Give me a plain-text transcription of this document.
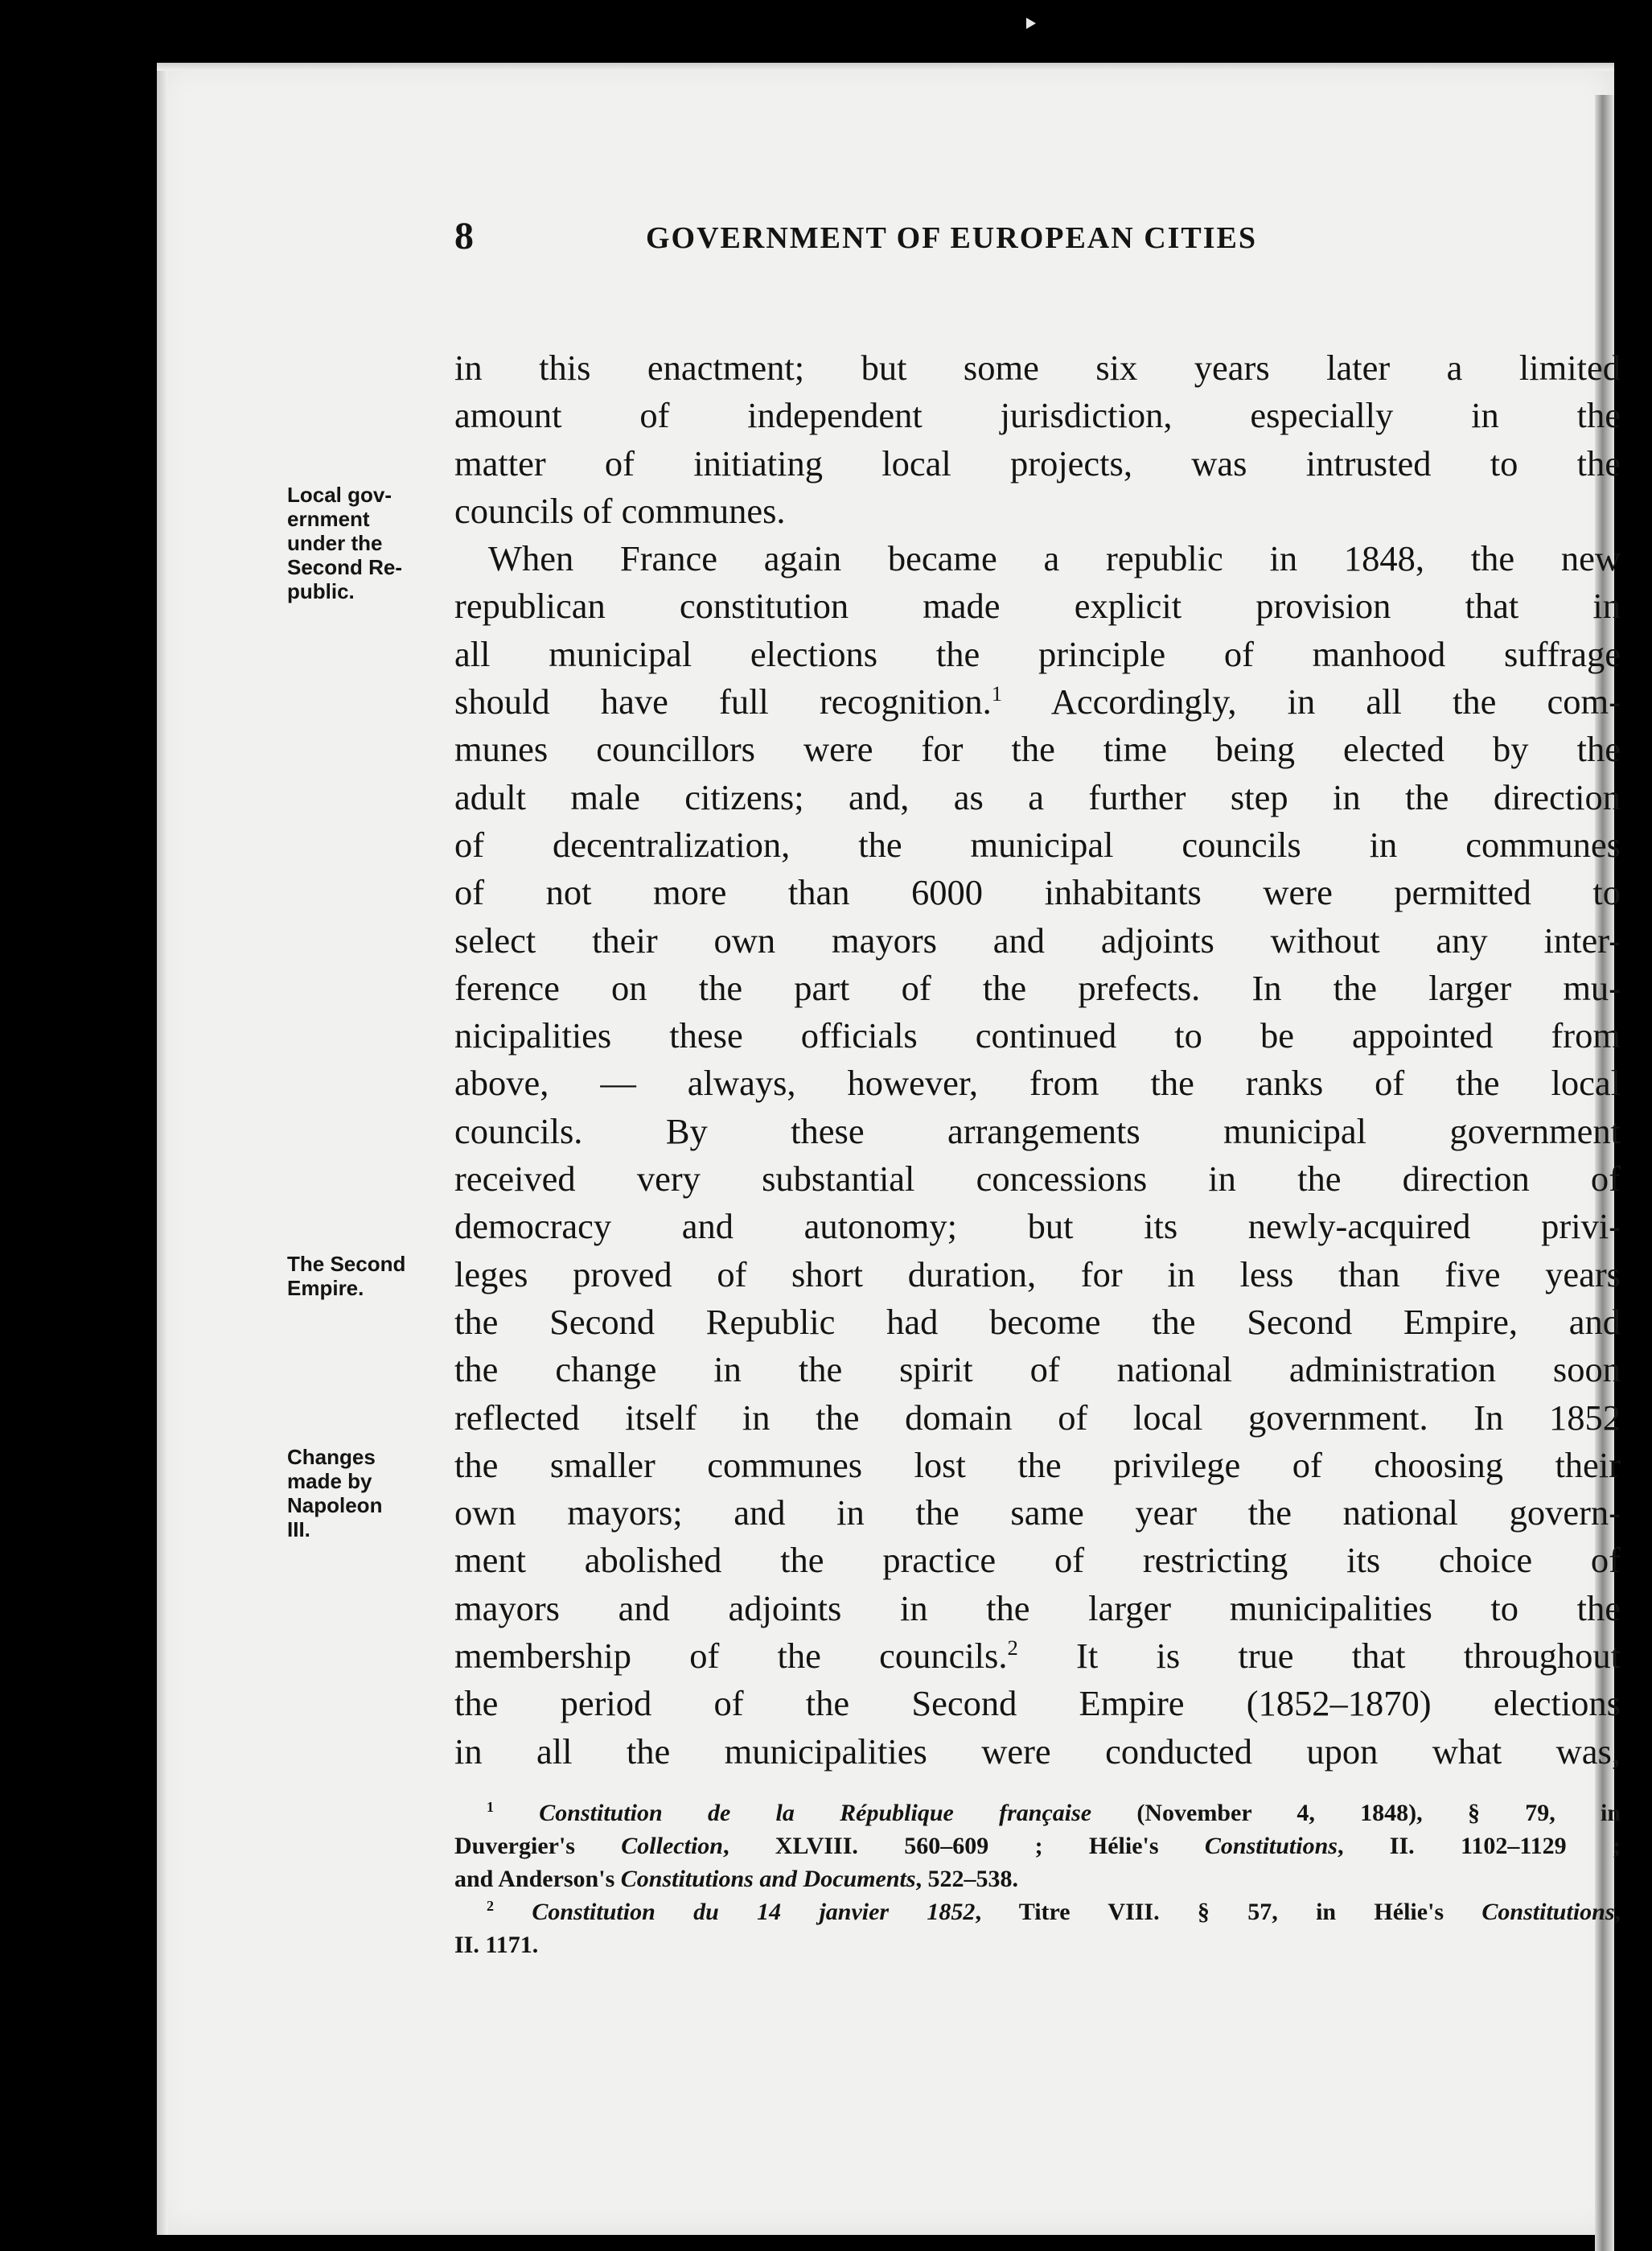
8	GOVERNMENT OF EUROPEAN CITIES
Local gov-
ernment
under the
Second Re-
public.
The Second
Empire.
Changes
made by
Napoleon
III.
in this enactment; but some six years later a limited
amount of independent jurisdiction, especially in the
matter of initiating local projects, was intrusted to the
councils of communes.
When France again became a republic in 1848, the new
republican constitution made explicit provision that in
all municipal elections the principle of manhood suffrage
should have full recognition.$^1$ Accordingly, in all the com-
munes councillors were for the time being elected by the
adult male citizens; and, as a further step in the direction
of decentralization, the municipal councils in communes
of not more than 6000 inhabitants were permitted to
select their own mayors and adjoints without any inter-
ference on the part of the prefects. In the larger mu-
nicipalities these officials continued to be appointed from
above, — always, however, from the ranks of the local
councils. By these arrangements municipal government
received very substantial concessions in the direction of
democracy and autonomy; but its newly-acquired privi-
leges proved of short duration, for in less than five years
the Second Republic had become the Second Empire, and
the change in the spirit of national administration soon
reflected itself in the domain of local government. In 1852
the smaller communes lost the privilege of choosing their
own mayors; and in the same year the national govern-
ment abolished the practice of restricting its choice of
mayors and adjoints in the larger municipalities to the
membership of the councils.$^2$ It is true that throughout
the period of the Second Empire (1852–1870) elections
in all the municipalities were conducted upon what was,
$^1$ Constitution de la République française (November 4, 1848), § 79, in
Duvergier's Collection, XLVIII. 560–609 ; Hélie's Constitutions, II. 1102–1129 ;
and Anderson's Constitutions and Documents, 522–538.
$^2$ Constitution du 14 janvier 1852, Titre VIII. § 57, in Hélie's Constitutions,
II. 1171.
